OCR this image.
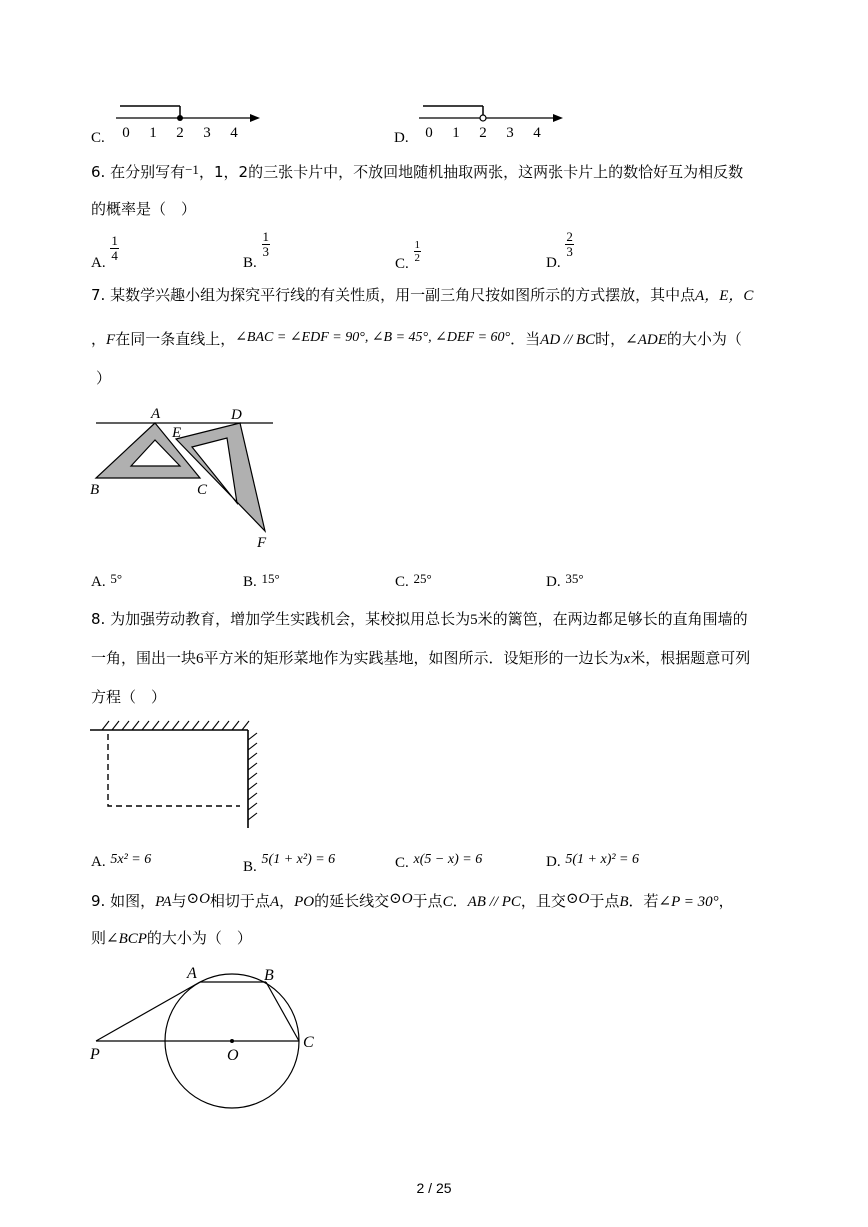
C. 0 1 2 3 4	D. 0 1 2 3 4
6. 在分别写有−1，1，2的三张卡片中，不放回地随机抽取两张，这两张卡片上的数恰好互为相反数
的概率是（　）
A. $\frac{1}{4}$	B.
$\frac{1}{3}$
C. $\frac{1}{2}$	D.
$\frac{2}{3}$
7. 某数学兴趣小组为探究平行线的有关性质，用一副三角尺按如图所示的方式摆放，其中点A，E，C
，F在同一条直线上，∠BAC = ∠EDF = 90°, ∠B = 45°, ∠DEF = 60°．当AD // BC时，∠ADE的大小为（
）
A	D
E
B	C
F
A. 5°	B. 15°	C. 25°	D. 35°
8. 为加强劳动教育，增加学生实践机会，某校拟用总长为5米的篱笆，在两边都足够长的直角围墙的
一角，围出一块6平方米的矩形菜地作为实践基地，如图所示．设矩形的一边长为x米，根据题意可列
方程（　）
A. 5x² = 6	B. 5(1 + x²) = 6	C. x(5 − x) = 6	D. 5(1 + x)² = 6
9. 如图，PA与⊙O相切于点A，PO的延长线交⊙O于点C．AB // PC，且交⊙O于点B．若∠P = 30°，
则∠BCP的大小为（　）
P	O
A	B
C
2 / 25
